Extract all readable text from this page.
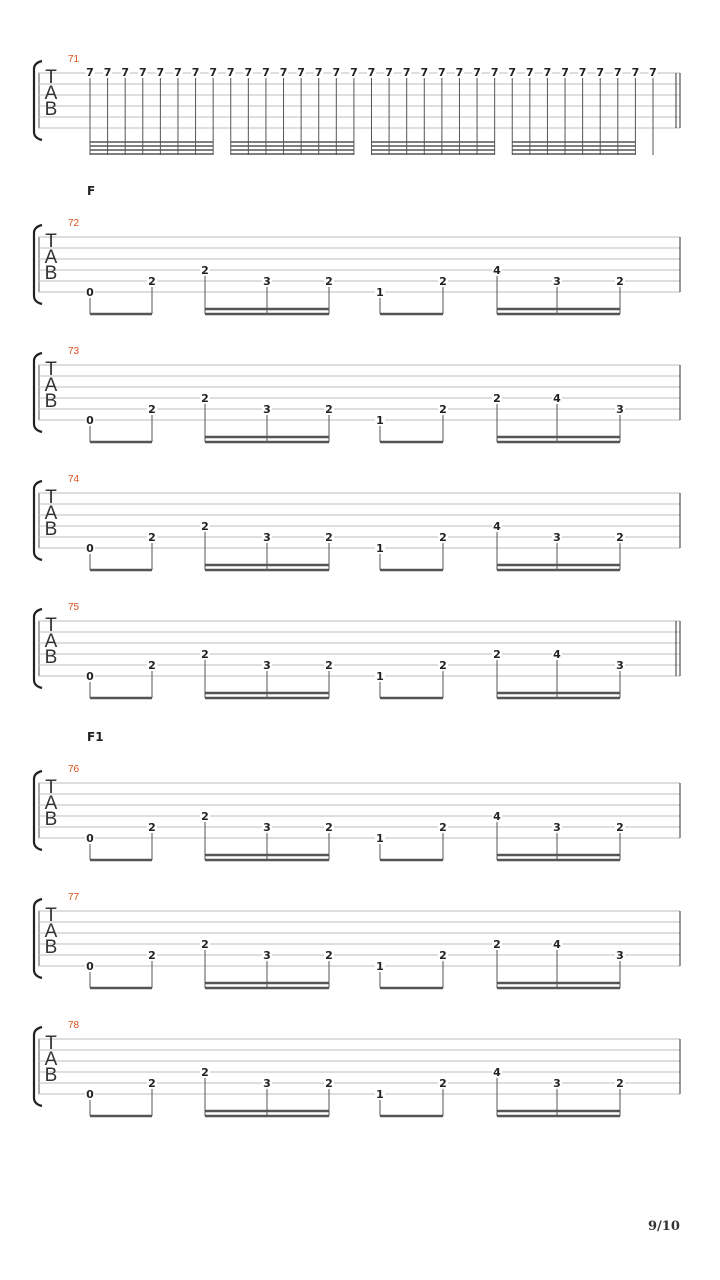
T
A
B
71
7 7 7 7 7 7 7 7 7 7 7 7 7 7 7 7 7 7 7 7 7 7 7 7 7 7 7 7 7 7 7 7 7
T
A
B
72
F
0
2
2
3	2
1
2
4
3	2
T
A
B
73
0
2
2
3	2
1
2
2	4
3
T
A
B
74
0
2
2
3	2
1
2
4
3	2
T
A
B
75
0
2
2
3	2
1
2
2	4
3
T
A
B
76
F1
0
2
2
3	2
1
2
4
3	2
T
A
B
77
0
2
2
3	2
1
2
2	4
3
T
A
B
78
0
2
2
3	2
1
2
4
3	2
9/10
